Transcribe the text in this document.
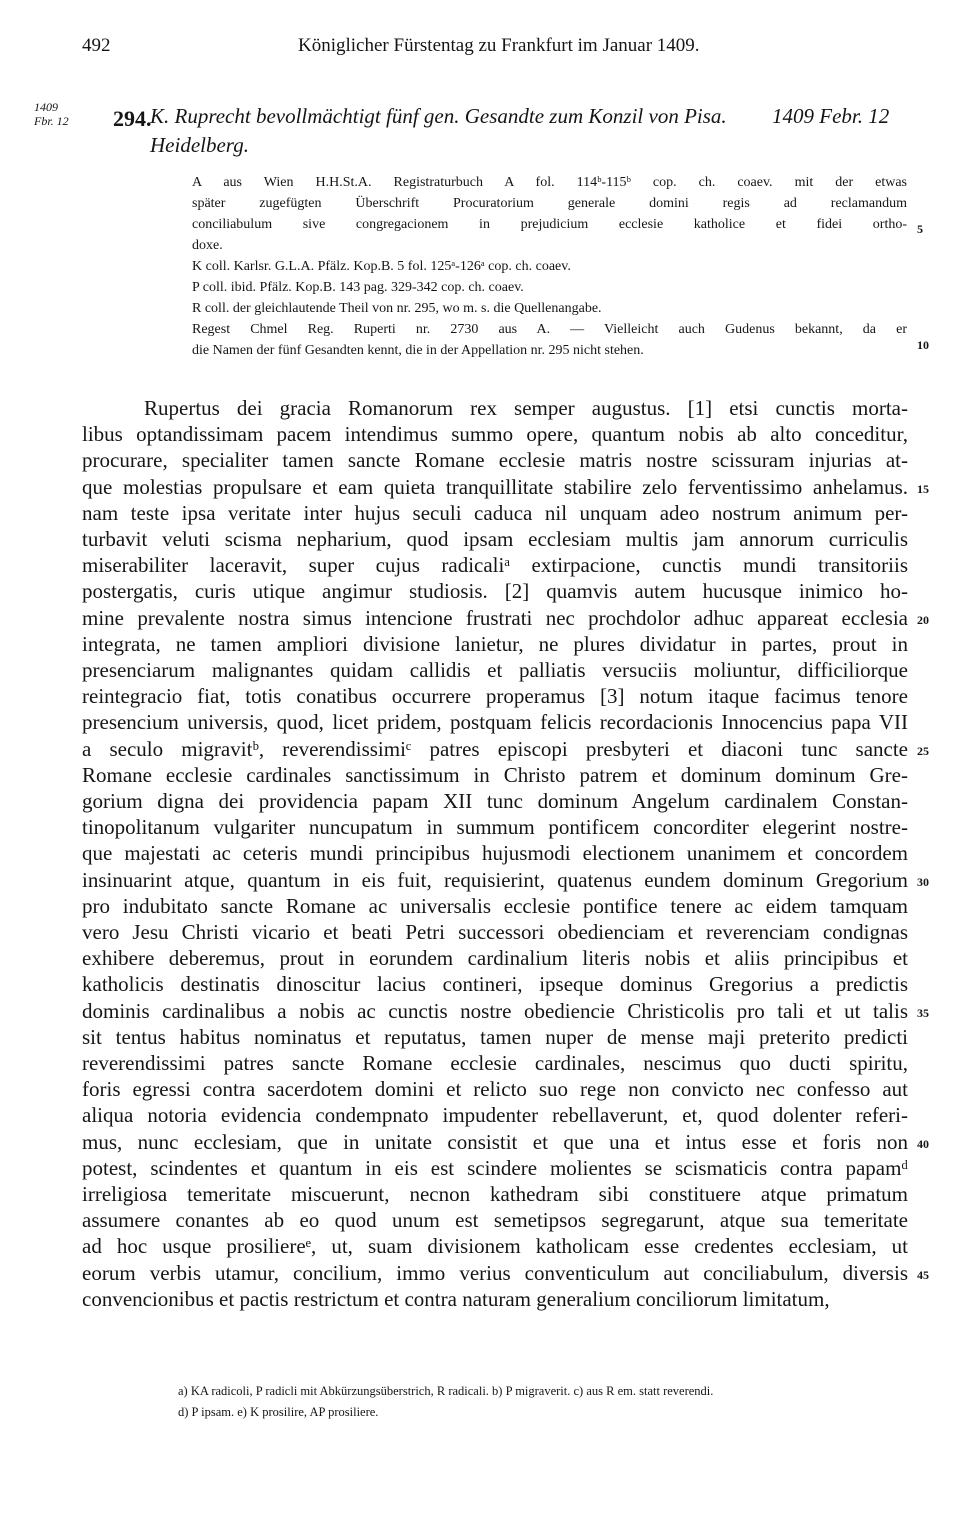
492	Königlicher Fürstentag zu Frankfurt im Januar 1409.
1409
Fbr. 12 294.
K. Ruprecht bevollmächtigt fünf gen. Gesandte zum Konzil von Pisa. 1409 Febr. 12
Heidelberg.
A aus Wien H.H.St.A. Registraturbuch A fol. 114ᵇ-115ᵇ cop. ch. coaev. mit der etwas
später zugefügten Überschrift Procuratorium generale domini regis ad reclamandum
conciliabulum sive congregacionem in prejudicium ecclesie katholice et fidei ortho-
doxe.
K coll. Karlsr. G.L.A. Pfälz. Kop.B. 5 fol. 125ᵃ-126ᵃ cop. ch. coaev.
P coll. ibid. Pfälz. Kop.B. 143 pag. 329-342 cop. ch. coaev.
R coll. der gleichlautende Theil von nr. 295, wo m. s. die Quellenangabe.
Regest Chmel Reg. Ruperti nr. 2730 aus A. — Vielleicht auch Gudenus bekannt, da er
die Namen der fünf Gesandten kennt, die in der Appellation nr. 295 nicht stehen.
Rupertus dei gracia Romanorum rex semper augustus. [1] etsi cunctis morta-
libus optandissimam pacem intendimus summo opere, quantum nobis ab alto conceditur,
procurare, specialiter tamen sancte Romane ecclesie matris nostre scissuram injurias at-
que molestias propulsare et eam quieta tranquillitate stabilire zelo ferventissimo anhelamus.
nam teste ipsa veritate inter hujus seculi caduca nil unquam adeo nostrum animum per-
turbavit veluti scisma nepharium, quod ipsam ecclesiam multis jam annorum curriculis
miserabiliter laceravit, super cujus radicaliᵃ extirpacione, cunctis mundi transitoriis
postergatis, curis utique angimur studiosis. [2] quamvis autem hucusque inimico ho-
mine prevalente nostra simus intencione frustrati nec prochdolor adhuc appareat ecclesia
integrata, ne tamen ampliori divisione lanietur, ne plures dividatur in partes, prout in
presenciarum malignantes quidam callidis et palliatis versuciis moliuntur, difficiliorque
reintegracio fiat, totis conatibus occurrere properamus [3] notum itaque facimus tenore
presencium universis, quod, licet pridem, postquam felicis recordacionis Innocencius papa VII
a seculo migravitᵇ, reverendissimiᶜ patres episcopi presbyteri et diaconi tunc sancte
Romane ecclesie cardinales sanctissimum in Christo patrem et dominum dominum Gre-
gorium digna dei providencia papam XII tunc dominum Angelum cardinalem Constan-
tinopolitanum vulgariter nuncupatum in summum pontificem concorditer elegerint nostre-
que majestati ac ceteris mundi principibus hujusmodi electionem unanimem et concordem
insinuarint atque, quantum in eis fuit, requisierint, quatenus eundem dominum Gregorium
pro indubitato sancte Romane ac universalis ecclesie pontifice tenere ac eidem tamquam
vero Jesu Christi vicario et beati Petri successori obedienciam et reverenciam condignas
exhibere deberemus, prout in eorundem cardinalium literis nobis et aliis principibus et
katholicis destinatis dinoscitur lacius contineri, ipseque dominus Gregorius a predictis
dominis cardinalibus a nobis ac cunctis nostre obediencie Christicolis pro tali et ut talis
sit tentus habitus nominatus et reputatus, tamen nuper de mense maji preterito predicti
reverendissimi patres sancte Romane ecclesie cardinales, nescimus quo ducti spiritu,
foris egressi contra sacerdotem domini et relicto suo rege non convicto nec confesso aut
aliqua notoria evidencia condempnato impudenter rebellaverunt, et, quod dolenter referi-
mus, nunc ecclesiam, que in unitate consistit et que una et intus esse et foris non
potest, scindentes et quantum in eis est scindere molientes se scismaticis contra papamᵈ
irreligiosa temeritate miscuerunt, necnon kathedram sibi constituere atque primatum
assumere conantes ab eo quod unum est semetipsos segregarunt, atque sua temeritate
ad hoc usque prosiliereᵉ, ut, suam divisionem katholicam esse credentes ecclesiam, ut
eorum verbis utamur, concilium, immo verius conventiculum aut conciliabulum, diversis
convencionibus et pactis restrictum et contra naturam generalium conciliorum limitatum,
5
10
15
20
25
30
35
40
45
a) KA radicoli, P radicli mit Abkürzungsüberstrich, R radicali. b) P migraverit. c) aus R em. statt reverendi.
d) P ipsam. e) K prosilire, AP prosiliere.
